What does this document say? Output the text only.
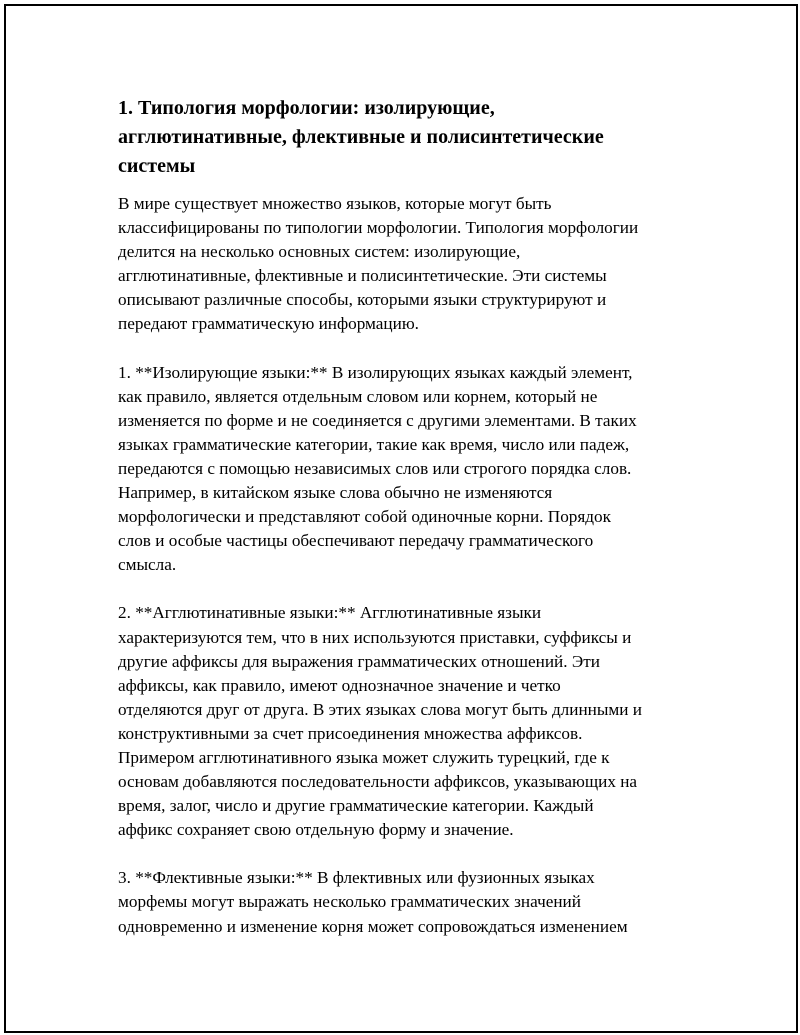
1. Типология морфологии: изолирующие,
агглютинативные, флективные и полисинтетические
системы
В мире существует множество языков, которые могут быть
классифицированы по типологии морфологии. Типология морфологии
делится на несколько основных систем: изолирующие,
агглютинативные, флективные и полисинтетические. Эти системы
описывают различные способы, которыми языки структурируют и
передают грамматическую информацию.
1. **Изолирующие языки:** В изолирующих языках каждый элемент,
как правило, является отдельным словом или корнем, который не
изменяется по форме и не соединяется с другими элементами. В таких
языках грамматические категории, такие как время, число или падеж,
передаются с помощью независимых слов или строгого порядка слов.
Например, в китайском языке слова обычно не изменяются
морфологически и представляют собой одиночные корни. Порядок
слов и особые частицы обеспечивают передачу грамматического
смысла.
2. **Агглютинативные языки:** Агглютинативные языки
характеризуются тем, что в них используются приставки, суффиксы и
другие аффиксы для выражения грамматических отношений. Эти
аффиксы, как правило, имеют однозначное значение и четко
отделяются друг от друга. В этих языках слова могут быть длинными и
конструктивными за счет присоединения множества аффиксов.
Примером агглютинативного языка может служить турецкий, где к
основам добавляются последовательности аффиксов, указывающих на
время, залог, число и другие грамматические категории. Каждый
аффикс сохраняет свою отдельную форму и значение.
3. **Флективные языки:** В флективных или фузионных языках
морфемы могут выражать несколько грамматических значений
одновременно и изменение корня может сопровождаться изменением
